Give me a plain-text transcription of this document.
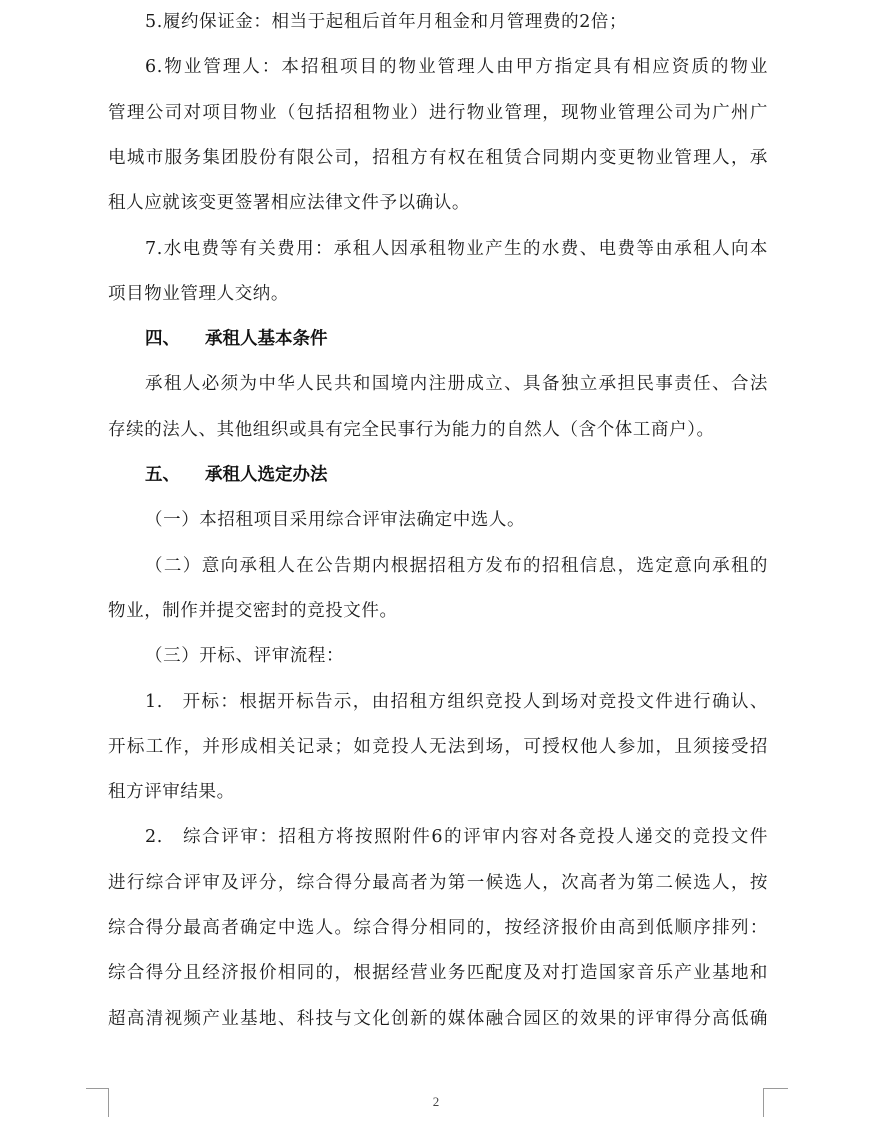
5.履约保证金：相当于起租后首年月租金和月管理费的2倍；
6.物业管理人：本招租项目的物业管理人由甲方指定具有相应资质的物业
管理公司对项目物业（包括招租物业）进行物业管理，现物业管理公司为广州广
电城市服务集团股份有限公司，招租方有权在租赁合同期内变更物业管理人，承
租人应就该变更签署相应法律文件予以确认。
7.水电费等有关费用：承租人因承租物业产生的水费、电费等由承租人向本
项目物业管理人交纳。
四、 承租人基本条件
承租人必须为中华人民共和国境内注册成立、具备独立承担民事责任、合法
存续的法人、其他组织或具有完全民事行为能力的自然人（含个体工商户）。
五、 承租人选定办法
（一）本招租项目采用综合评审法确定中选人。
（二）意向承租人在公告期内根据招租方发布的招租信息，选定意向承租的
物业，制作并提交密封的竞投文件。
（三）开标、评审流程：
1.　开标：根据开标告示，由招租方组织竞投人到场对竞投文件进行确认、
开标工作，并形成相关记录；如竞投人无法到场，可授权他人参加，且须接受招
租方评审结果。
2.　综合评审：招租方将按照附件6的评审内容对各竞投人递交的竞投文件
进行综合评审及评分，综合得分最高者为第一候选人，次高者为第二候选人，按
综合得分最高者确定中选人。综合得分相同的，按经济报价由高到低顺序排列：
综合得分且经济报价相同的，根据经营业务匹配度及对打造国家音乐产业基地和
超高清视频产业基地、科技与文化创新的媒体融合园区的效果的评审得分高低确
2
